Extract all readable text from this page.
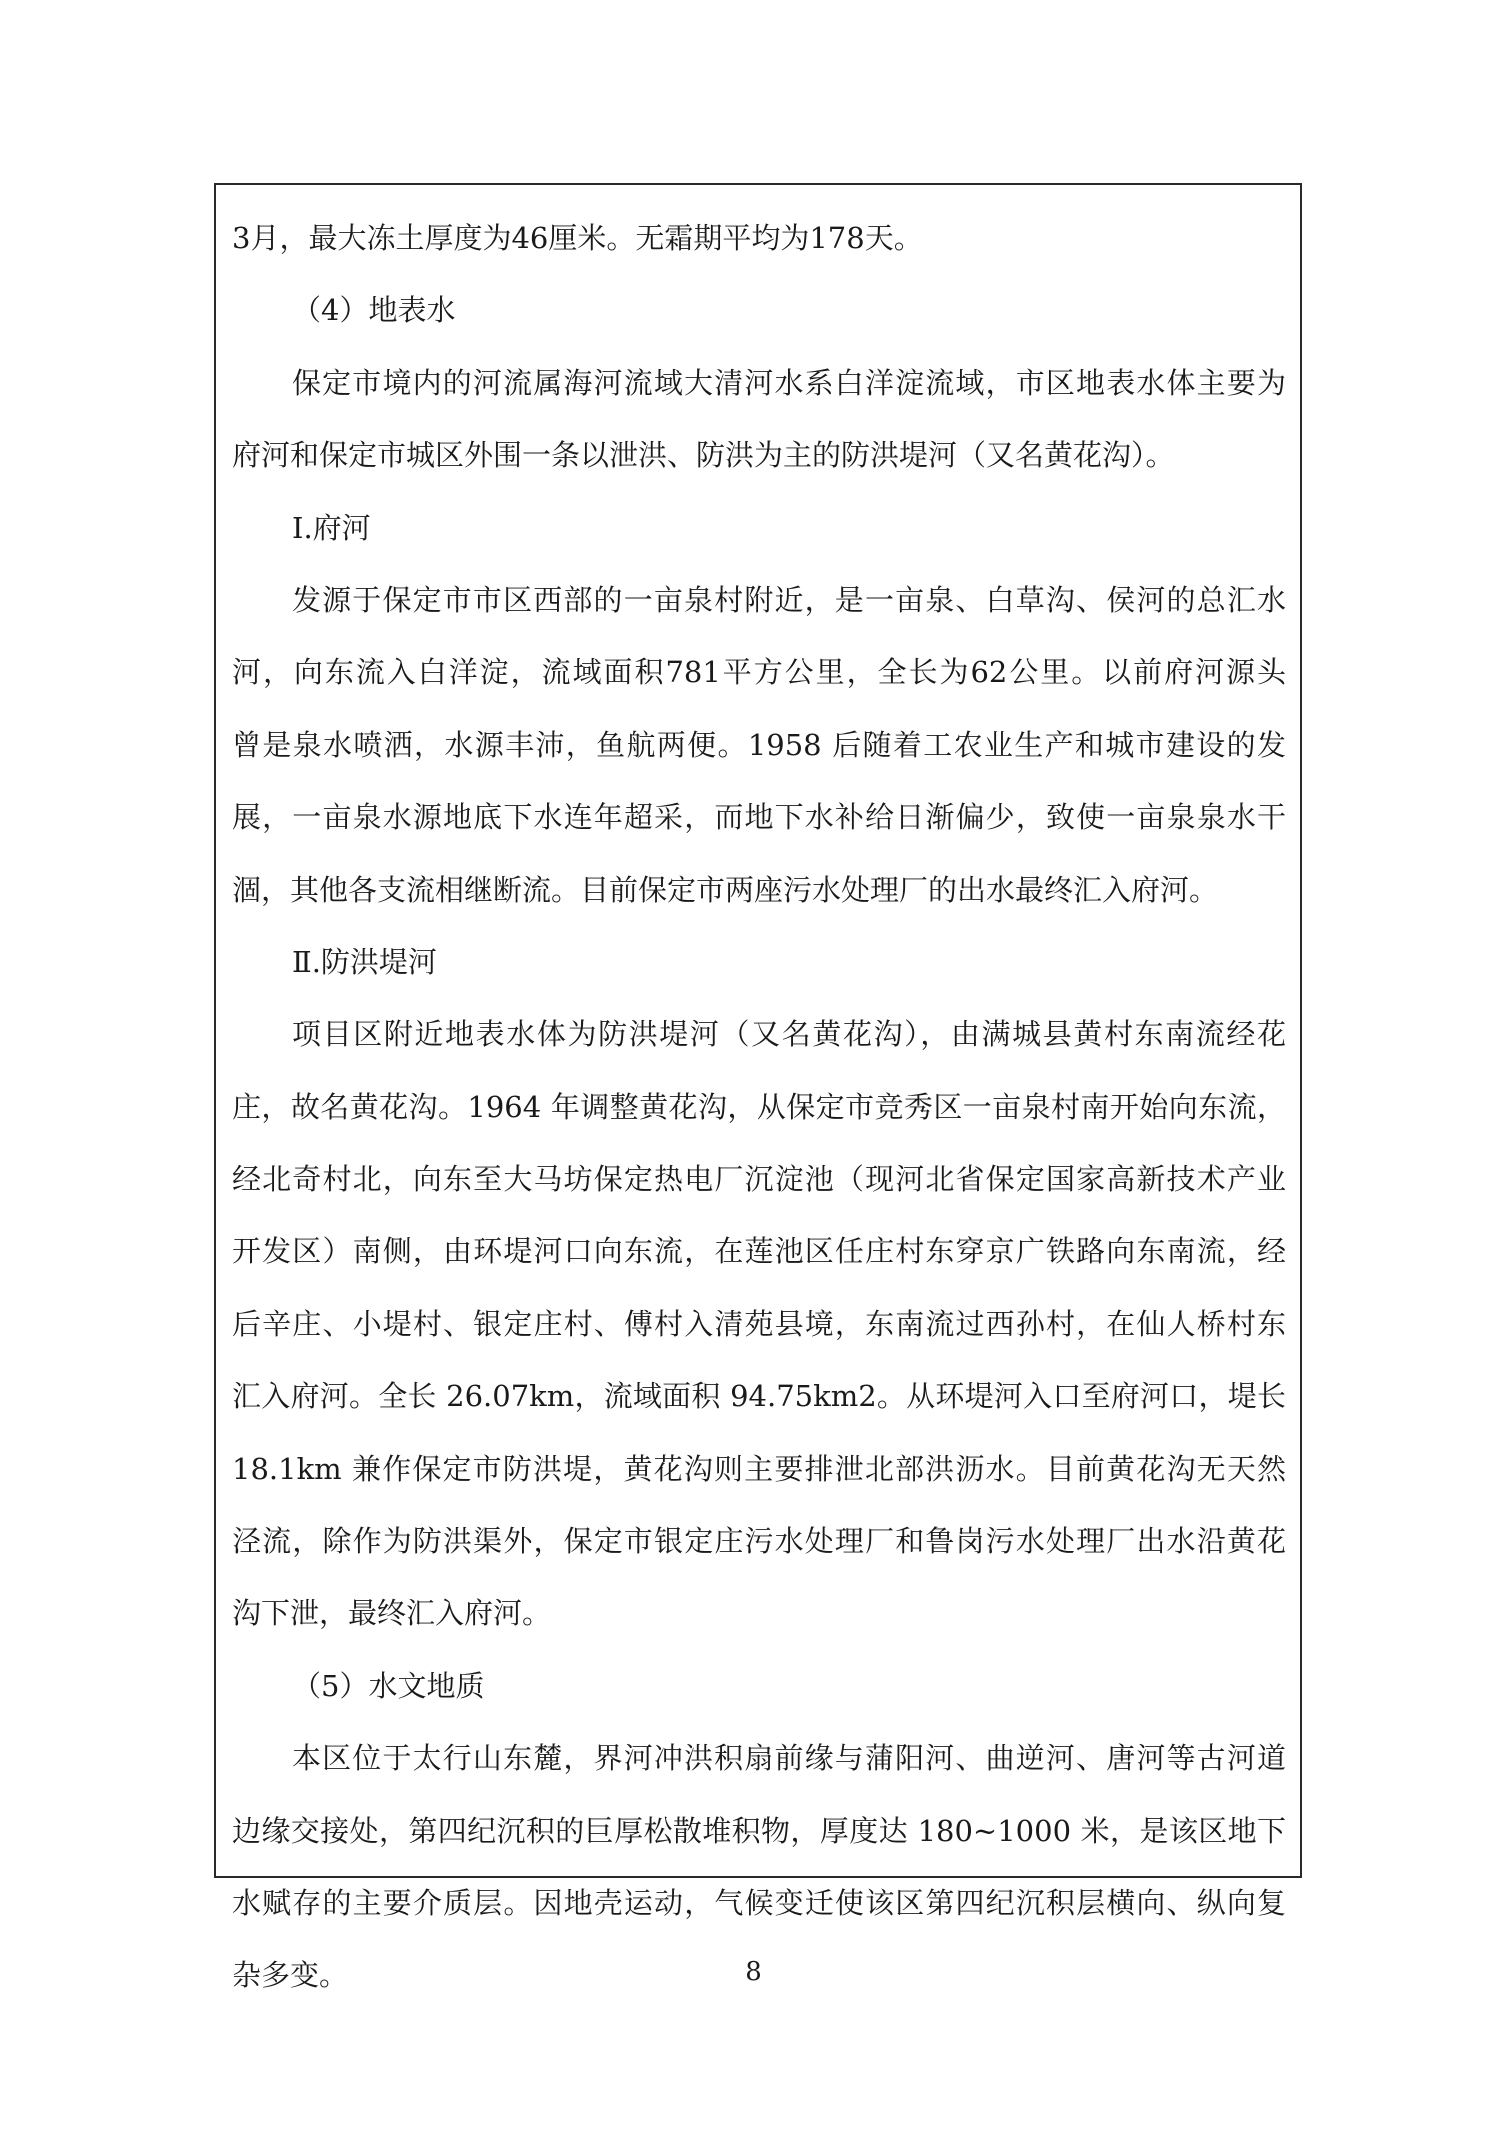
3月，最大冻土厚度为46厘米。无霜期平均为178天。
（4）地表水
保定市境内的河流属海河流域大清河水系白洋淀流域，市区地表水体主要为
府河和保定市城区外围一条以泄洪、防洪为主的防洪堤河（又名黄花沟）。
Ⅰ.府河
发源于保定市市区西部的一亩泉村附近，是一亩泉、白草沟、侯河的总汇水
河，向东流入白洋淀，流域面积781平方公里，全长为62公里。以前府河源头
曾是泉水喷洒，水源丰沛，鱼航两便。1958 后随着工农业生产和城市建设的发
展，一亩泉水源地底下水连年超采，而地下水补给日渐偏少，致使一亩泉泉水干
涸，其他各支流相继断流。目前保定市两座污水处理厂的出水最终汇入府河。
Ⅱ.防洪堤河
项目区附近地表水体为防洪堤河（又名黄花沟），由满城县黄村东南流经花
庄，故名黄花沟。1964 年调整黄花沟，从保定市竞秀区一亩泉村南开始向东流，
经北奇村北，向东至大马坊保定热电厂沉淀池（现河北省保定国家高新技术产业
开发区）南侧，由环堤河口向东流，在莲池区任庄村东穿京广铁路向东南流，经
后辛庄、小堤村、银定庄村、傅村入清苑县境，东南流过西孙村，在仙人桥村东
汇入府河。全长 26.07km，流域面积 94.75km2。从环堤河入口至府河口，堤长
18.1km 兼作保定市防洪堤，黄花沟则主要排泄北部洪沥水。目前黄花沟无天然
泾流，除作为防洪渠外，保定市银定庄污水处理厂和鲁岗污水处理厂出水沿黄花
沟下泄，最终汇入府河。
（5）水文地质
本区位于太行山东麓，界河冲洪积扇前缘与蒲阳河、曲逆河、唐河等古河道
边缘交接处，第四纪沉积的巨厚松散堆积物，厚度达 180~1000 米，是该区地下
水赋存的主要介质层。因地壳运动，气候变迁使该区第四纪沉积层横向、纵向复
杂多变。	8
